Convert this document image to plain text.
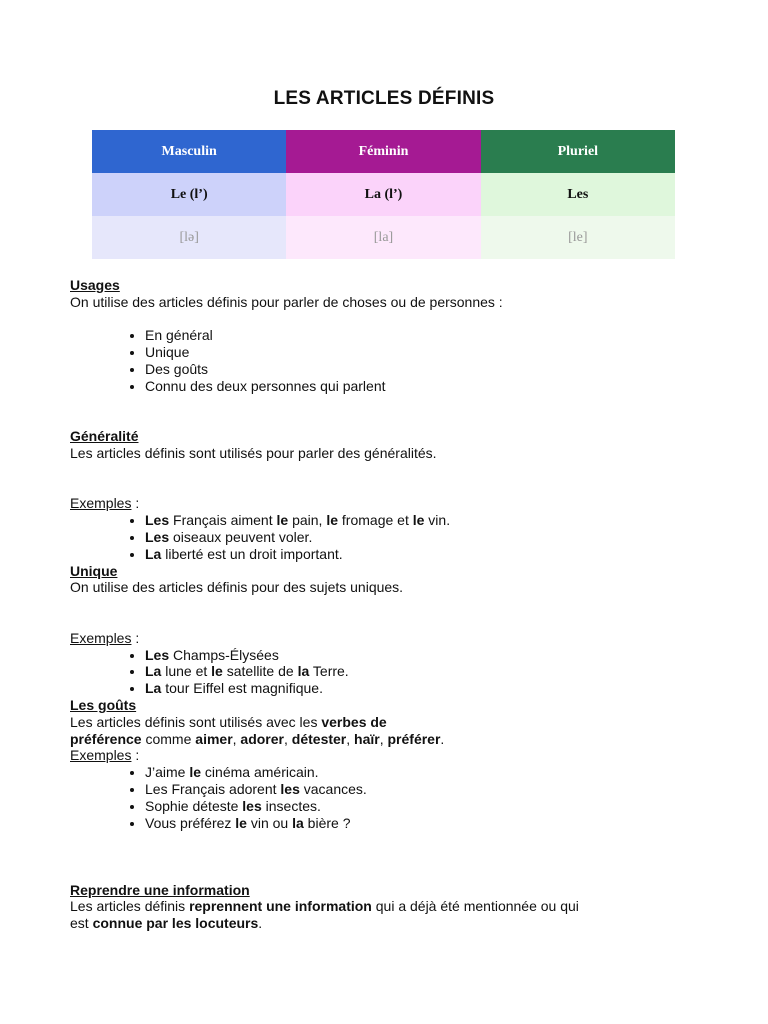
LES ARTICLES DÉFINIS
Masculin	Féminin	Pluriel
Le (l’)	La (l’)	Les
[lə]	[la]	[le]

Usages

On utilise des articles définis pour parler de choses ou de personnes :

• En général
• Unique
• Des goûts
• Connu des deux personnes qui parlent

Généralité

Les articles définis sont utilisés pour parler des généralités.

Exemples :

• Les Français aiment le pain, le fromage et le vin.
• Les oiseaux peuvent voler.
• La liberté est un droit important.

Unique

On utilise des articles définis pour des sujets uniques.

Exemples :

• Les Champs-Élysées
• La lune et le satellite de la Terre.
• La tour Eiffel est magnifique.

Les goûts

Les articles définis sont utilisés avec les verbes de

préférence comme aimer, adorer, détester, haïr, préférer.

Exemples :

• J’aime le cinéma américain.
• Les Français adorent les vacances.
• Sophie déteste les insectes.
• Vous préférez le vin ou la bière ?

Reprendre une information

Les articles définis reprennent une information qui a déjà été mentionnée ou qui

est connue par les locuteurs.
